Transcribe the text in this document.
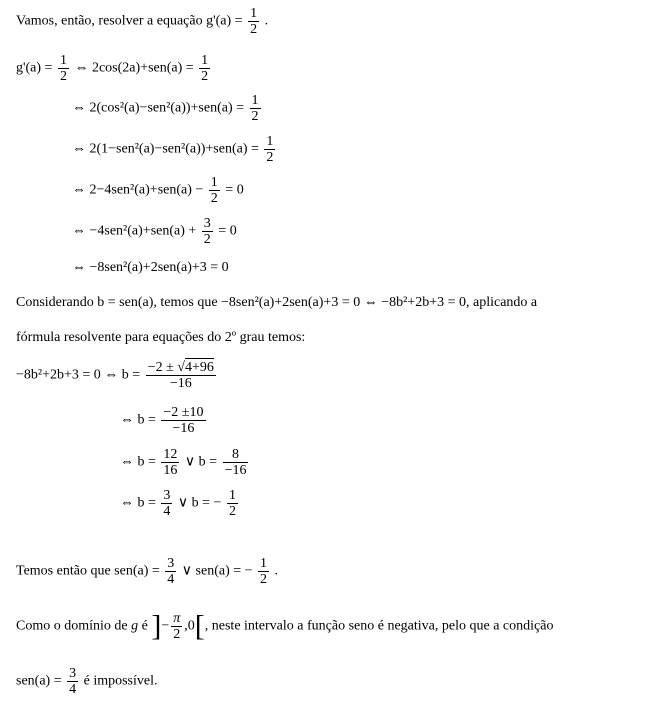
Vamos, então, resolver a equação $g'(a) = \frac{1}{2}$ .
$g'(a) = \frac{1}{2}$ ⇔ $2\cos(2a)+sen(a) = \frac{1}{2}$
⇔ $2(\cos^2(a)-sen^2(a))+sen(a) = \frac{1}{2}$
⇔ $2(1-sen^2(a)-sen^2(a))+sen(a) = \frac{1}{2}$
⇔ $2-4sen^2(a)+sen(a) - \frac{1}{2} = 0$
⇔ $-4sen^2(a)+sen(a) + \frac{3}{2} = 0$
⇔ −8sen²(a)+2sen(a)+3 = 0
Considerando b = sen(a), temos que −8sen²(a)+2sen(a)+3 = 0 ⇔ −8b²+2b+3 = 0, aplicando a
fórmula resolvente para equações do 2º grau temos:
−8b²+2b+3 = 0 ⇔ $b = \frac{-2 \pm √4+96}{-16}$
⇔ $b = \frac{-2 \pm 10}{-16}$
⇔ $b = \frac{12}{16}$ ∨ $b = \frac{8}{-16}$
⇔ $b = \frac{3}{4}$ ∨ b = − $\frac{1}{2}$
Temos então que $sen(a) = \frac{3}{4}$ ∨ sen(a) = − $\frac{1}{2}$ .
Como o domínio de g é ]− $\frac{\pi}{2} ,0$[, neste intervalo a função seno é negativa, pelo que a condição
$sen(a) = \frac{3}{4}$ é impossível.
